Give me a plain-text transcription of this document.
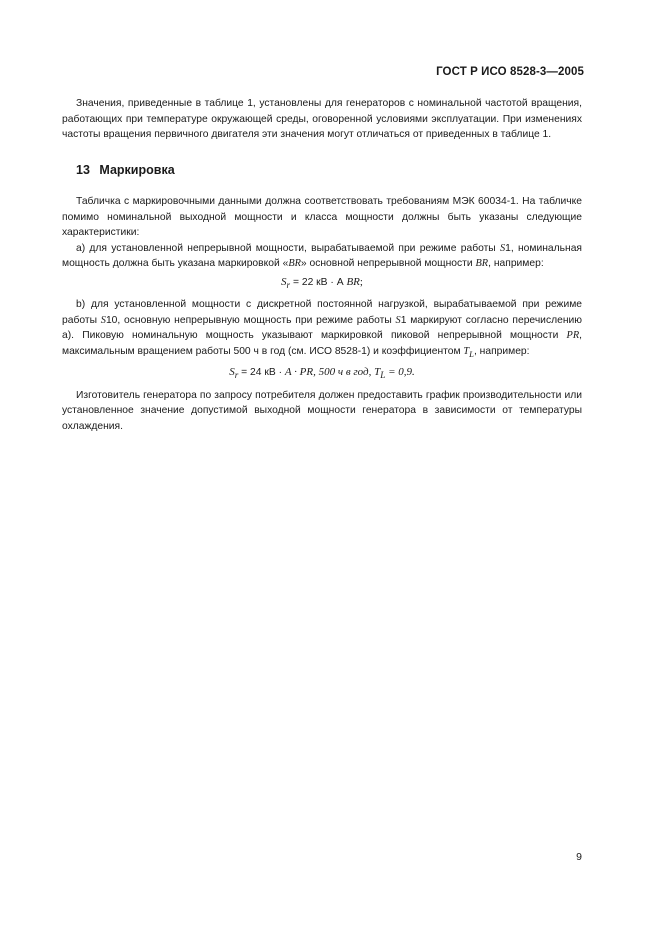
ГОСТ Р ИСО 8528-3—2005

Значения, приведенные в таблице 1, установлены для генераторов с номинальной частотой вращения, работающих при температуре окружающей среды, оговоренной условиями эксплуатации. При изменениях частоты вращения первичного двигателя эти значения могут отличаться от приведенных в таблице 1.

13 Маркировка

Табличка с маркировочными данными должна соответствовать требованиям МЭК 60034-1. На табличке помимо номинальной выходной мощности и класса мощности должны быть указаны следующие характеристики:

а) для установленной непрерывной мощности, вырабатываемой при режиме работы S1, номинальная мощность должна быть указана маркировкой «BR» основной непрерывной мощности BR, например:

$S_r = 22$ кВ · А BR;

b) для установленной мощности с дискретной постоянной нагрузкой, вырабатываемой при режиме работы S10, основную непрерывную мощность при режиме работы S1 маркируют согласно перечислению а). Пиковую номинальную мощность указывают маркировкой пиковой непрерывной мощности PR, максимальным вращением работы 500 ч в год (см. ИСО 8528-1) и коэффициентом $T_L$, например:

$S_r = 24$ кВ · A · PR, 500 ч в год, $T_L = 0,9$.

Изготовитель генератора по запросу потребителя должен предоставить график производительности или установленное значение допустимой выходной мощности генератора в зависимости от температуры охлаждения.

9
